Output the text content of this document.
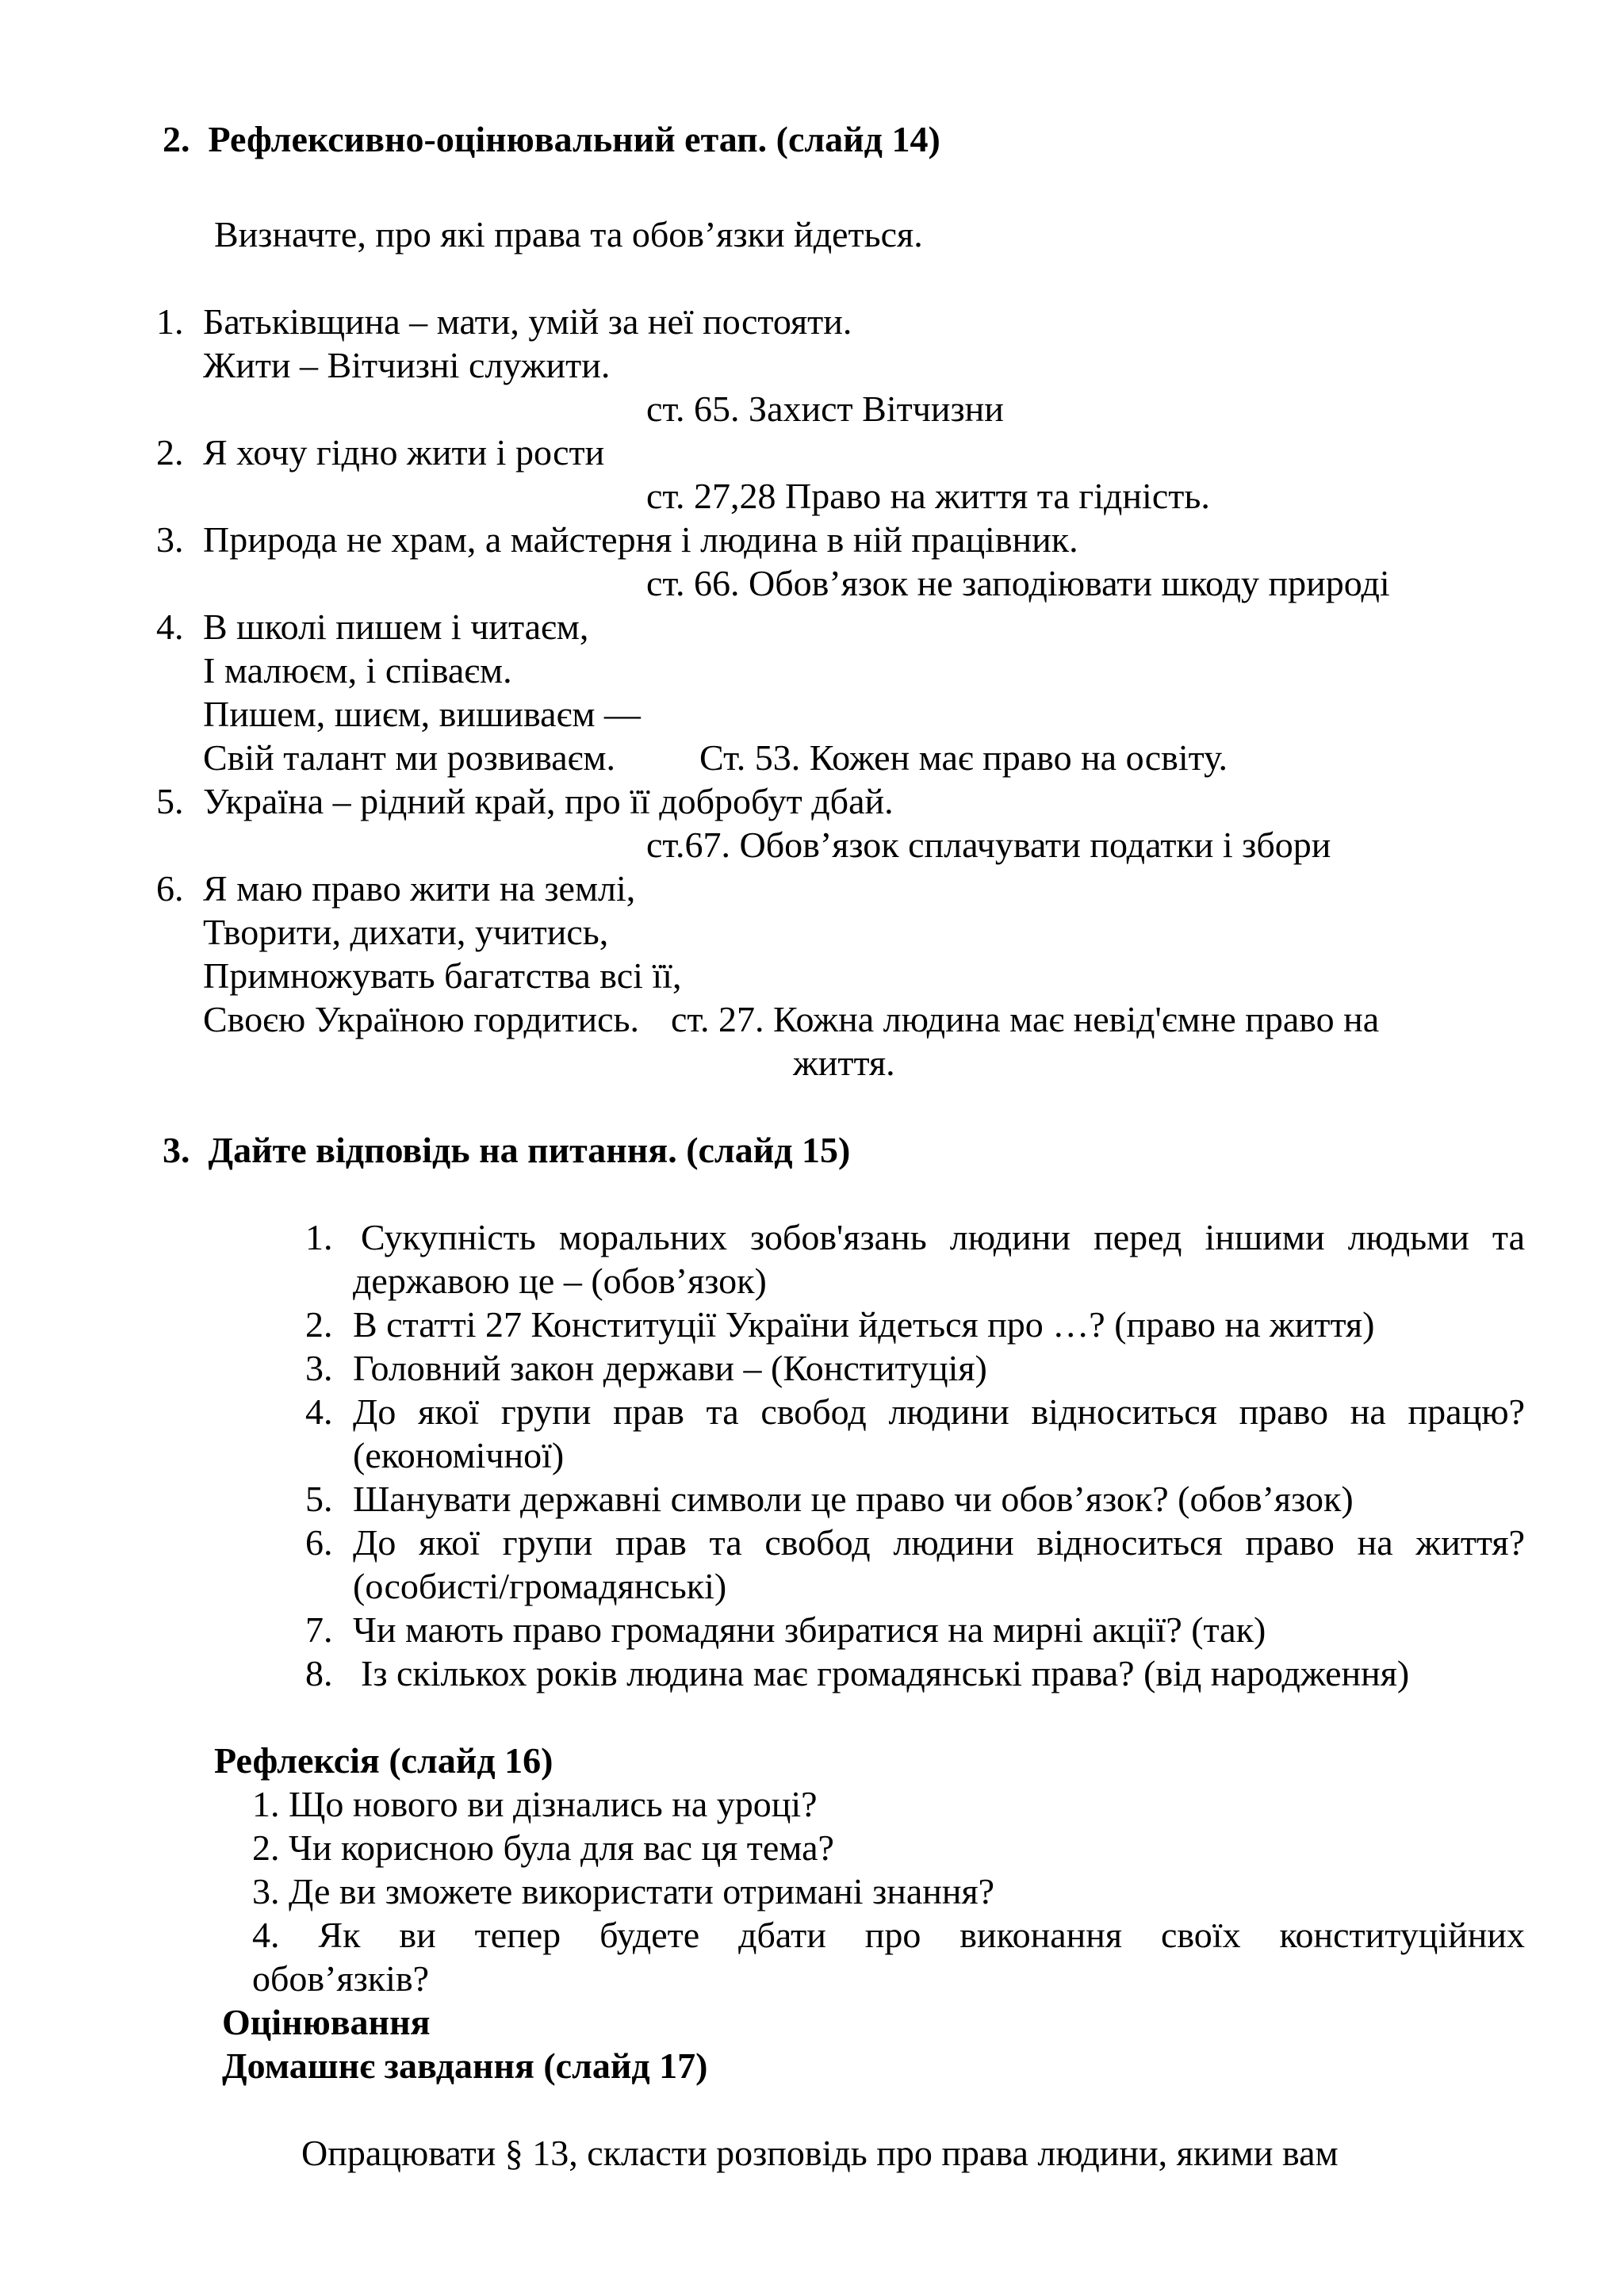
2. Рефлексивно-оцінювальний етап. (слайд 14)
Визначте, про які права та обов’язки йдеться.
1. Батьківщина – мати, умій за неї постояти.
Жити – Вітчизні служити.
ст. 65. Захист Вітчизни
2. Я хочу гідно жити і рости
ст. 27,28 Право на життя та гідність.
3. Природа не храм, а майстерня і людина в ній працівник.
ст. 66. Обов’язок не заподіювати шкоду природі
4. В школі пишем і читаєм,
І малюєм, і співаєм.
Пишем, шиєм, вишиваєм —
Свій талант ми розвиваєм. Ст. 53. Кожен має право на освіту.
5. Україна – рідний край, про її добробут дбай.
ст.67. Обов’язок сплачувати податки і збори
6. Я маю право жити на землі,
Творити, дихати, учитись,
Примножувать багатства всі її,
Своєю Україною гордитись. ст. 27. Кожна людина має невід'ємне право на
життя.
3. Дайте відповідь на питання. (слайд 15)
1. Сукупність моральних зобов'язань людини перед іншими людьми та
державою це – (обов’язок)
2. В статті 27 Конституції України йдеться про …? (право на життя)
3. Головний закон держави – (Конституція)
4. До якої групи прав та свобод людини відноситься право на працю?
(економічної)
5. Шанувати державні символи це право чи обов’язок? (обов’язок)
6. До якої групи прав та свобод людини відноситься право на життя?
(особисті/громадянські)
7. Чи мають право громадяни збиратися на мирні акції? (так)
8. Із скількох років людина має громадянські права? (від народження)
Рефлексія (слайд 16)
1. Що нового ви дізнались на уроці?
2. Чи корисною була для вас ця тема?
3. Де ви зможете використати отримані знання?
4. Як ви тепер будете дбати про виконання своїх конституційних
обов’язків?
Оцінювання
Домашнє завдання (слайд 17)
Опрацювати § 13, скласти розповідь про права людини, якими вам
